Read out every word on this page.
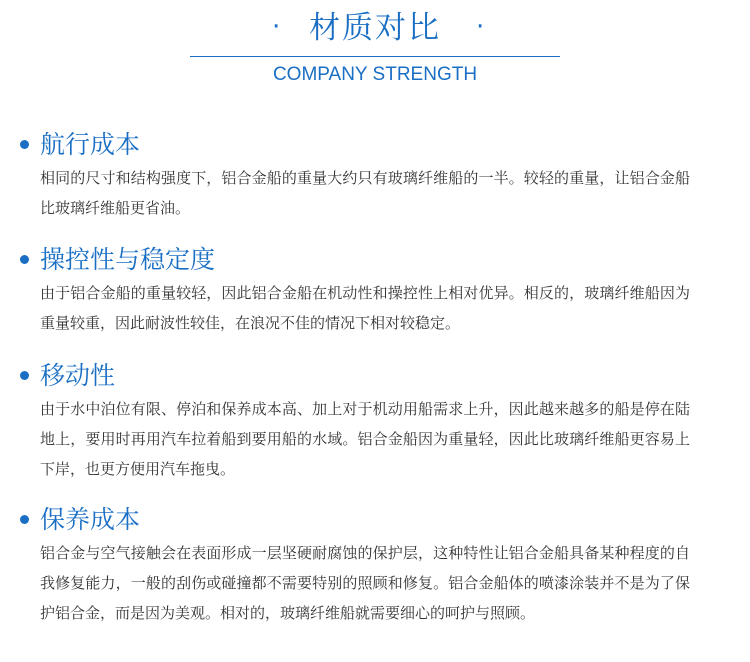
· 材质对比	·
COMPANY STRENGTH
航行成本

相同的尺寸和结构强度下，铝合金船的重量大约只有玻璃纤维船的一半。较轻的重量，让铝合金船比玻璃纤维船更省油。

操控性与稳定度

由于铝合金船的重量较轻，因此铝合金船在机动性和操控性上相对优异。相反的，玻璃纤维船因为重量较重，因此耐波性较佳，在浪况不佳的情况下相对较稳定。

移动性

由于水中泊位有限、停泊和保养成本高、加上对于机动用船需求上升，因此越来越多的船是停在陆地上，要用时再用汽车拉着船到要用船的水域。铝合金船因为重量轻，因此比玻璃纤维船更容易上下岸，也更方便用汽车拖曳。

保养成本

铝合金与空气接触会在表面形成一层坚硬耐腐蚀的保护层，这种特性让铝合金船具备某种程度的自我修复能力，一般的刮伤或碰撞都不需要特别的照顾和修复。铝合金船体的喷漆涂装并不是为了保护铝合金，而是因为美观。相对的，玻璃纤维船就需要细心的呵护与照顾。
